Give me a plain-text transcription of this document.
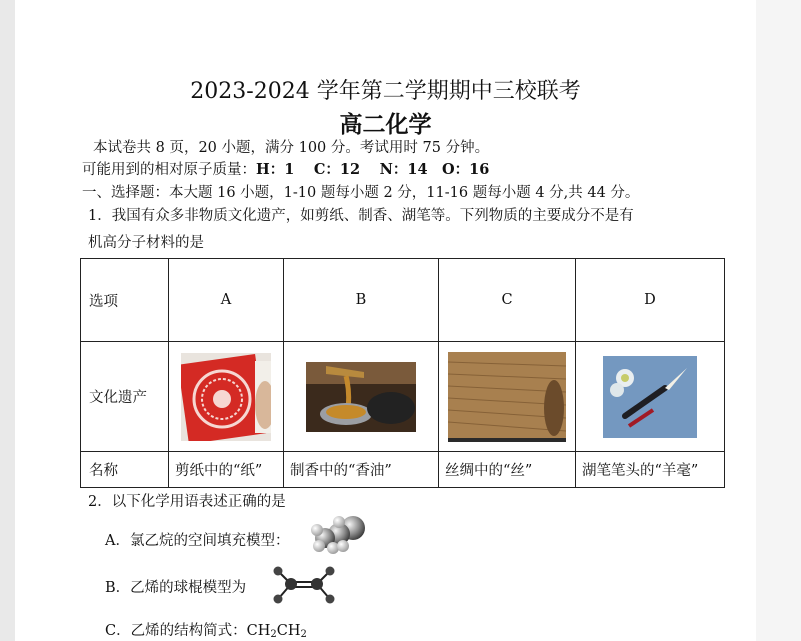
2023-2024 学年第二学期期中三校联考
高二化学
本试卷共 8 页，20 小题，满分 100 分。考试用时 75 分钟。
可能用到的相对原子质量：H：1　 C：12　 N：14　O：16
一、选择题：本大题 16 小题，1-10 题每小题 2 分，11-16 题每小题 4 分,共 44 分。
1．我国有众多非物质文化遗产，如剪纸、制香、湖笔等。下列物质的主要成分不是有
机高分子材料的是
选项	A	B	C	D
文化遗产	

名称	剪纸中的“纸”	制香中的“香油”	丝绸中的“丝”	湖笔笔头的“羊毫”
2．以下化学用语表述正确的是
A．氯乙烷的空间填充模型：
B．乙烯的球棍模型为
C．乙烯的结构简式：CH2CH2
